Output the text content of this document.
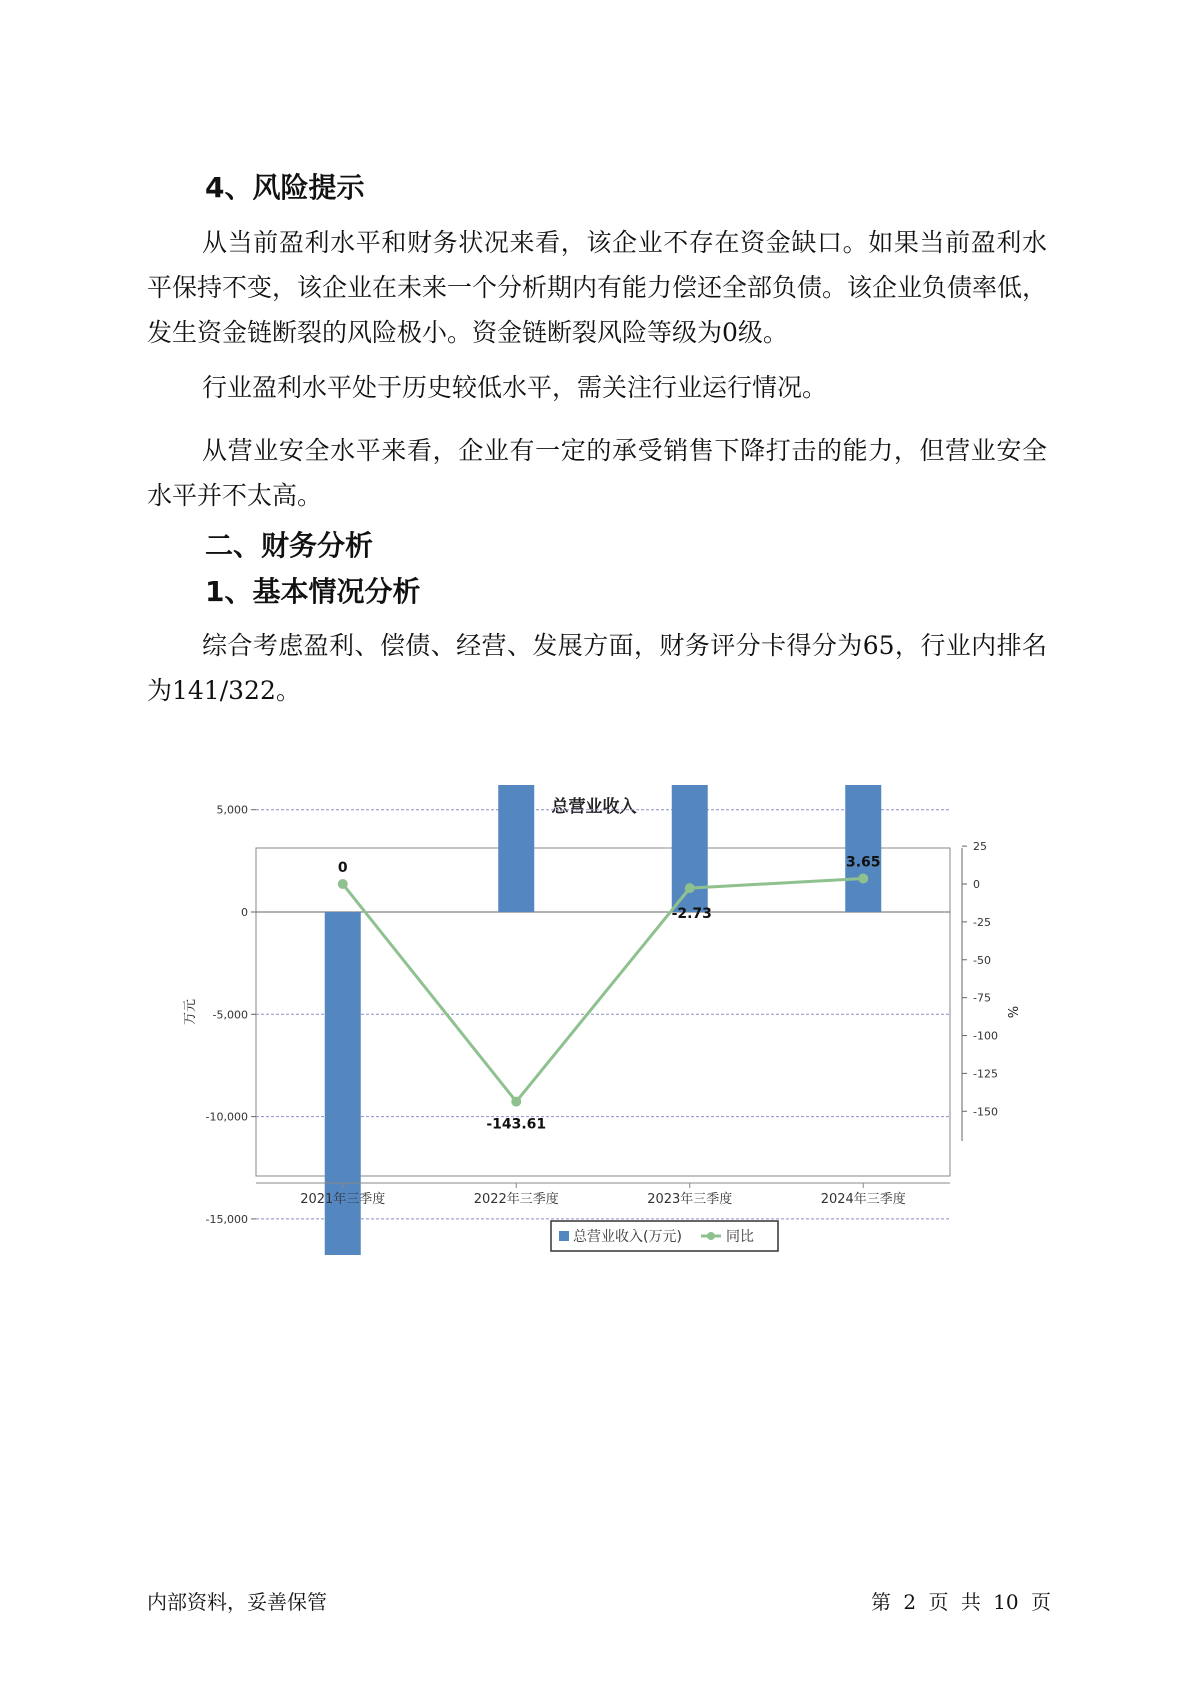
4、风险提示

从当前盈利水平和财务状况来看，该企业不存在资金缺口。如果当前盈利水平保持不变，该企业在未来一个分析期内有能力偿还全部负债。该企业负债率低，发生资金链断裂的风险极小。资金链断裂风险等级为0级。

行业盈利水平处于历史较低水平，需关注行业运行情况。

从营业安全水平来看，企业有一定的承受销售下降打击的能力，但营业安全水平并不太高。

二、财务分析
1、基本情况分析

综合考虑盈利、偿债、经营、发展方面，财务评分卡得分为65，行业内排名为141/322。

总营业收入
0
-143.61
-2.73
3.65
5,000
0
-5,000
-10,000
-15,000
25
0
-25
-50
-75
-100
-125
-150
2021年三季度	2022年三季度	2023年三季度	2024年三季度
万元	%
总营业收入(万元)	同比
内部资料，妥善保管	第 2 页 共 10 页
